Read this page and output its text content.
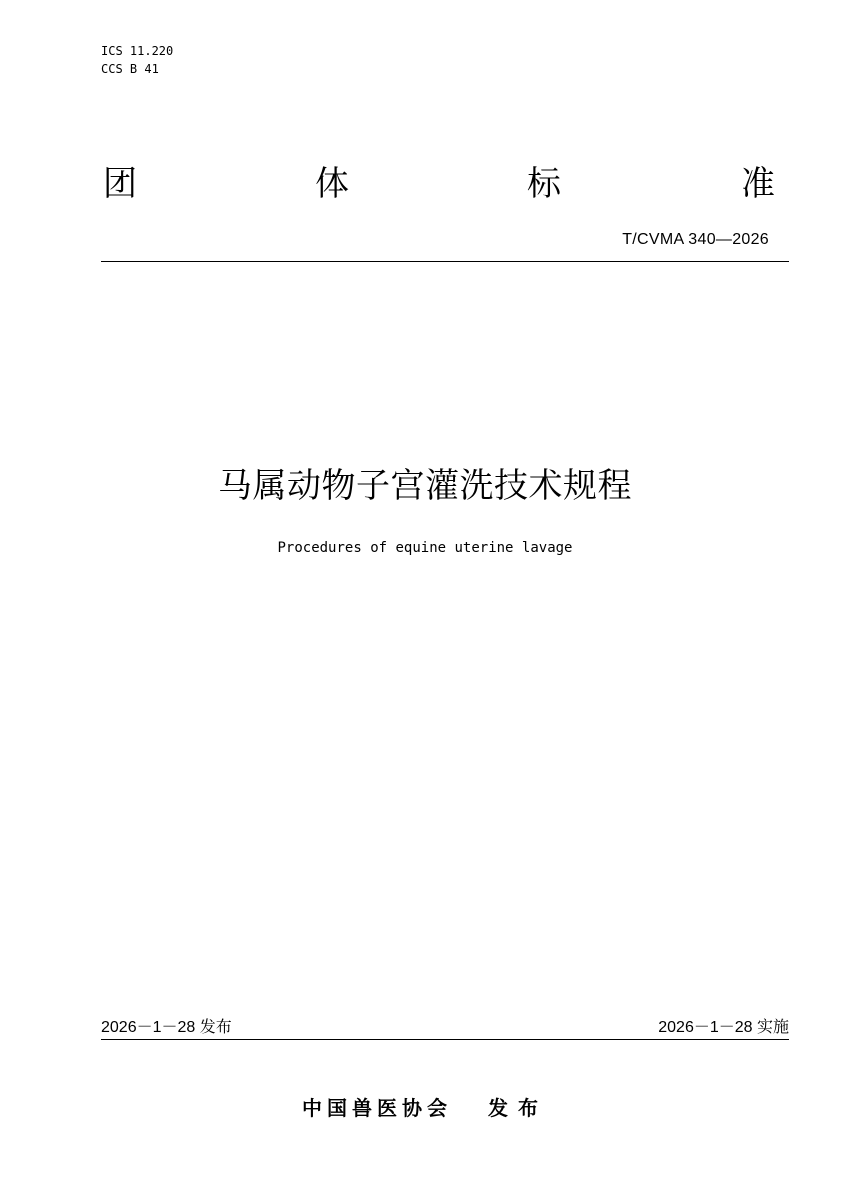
ICS 11.220
CCS B 41
团	体	标	准
T/CVMA 340—2026
马属动物子宫灌洗技术规程
Procedures of equine uterine lavage
2026－1－28 发布	2026－1－28 实施
中国兽医协会 发布
